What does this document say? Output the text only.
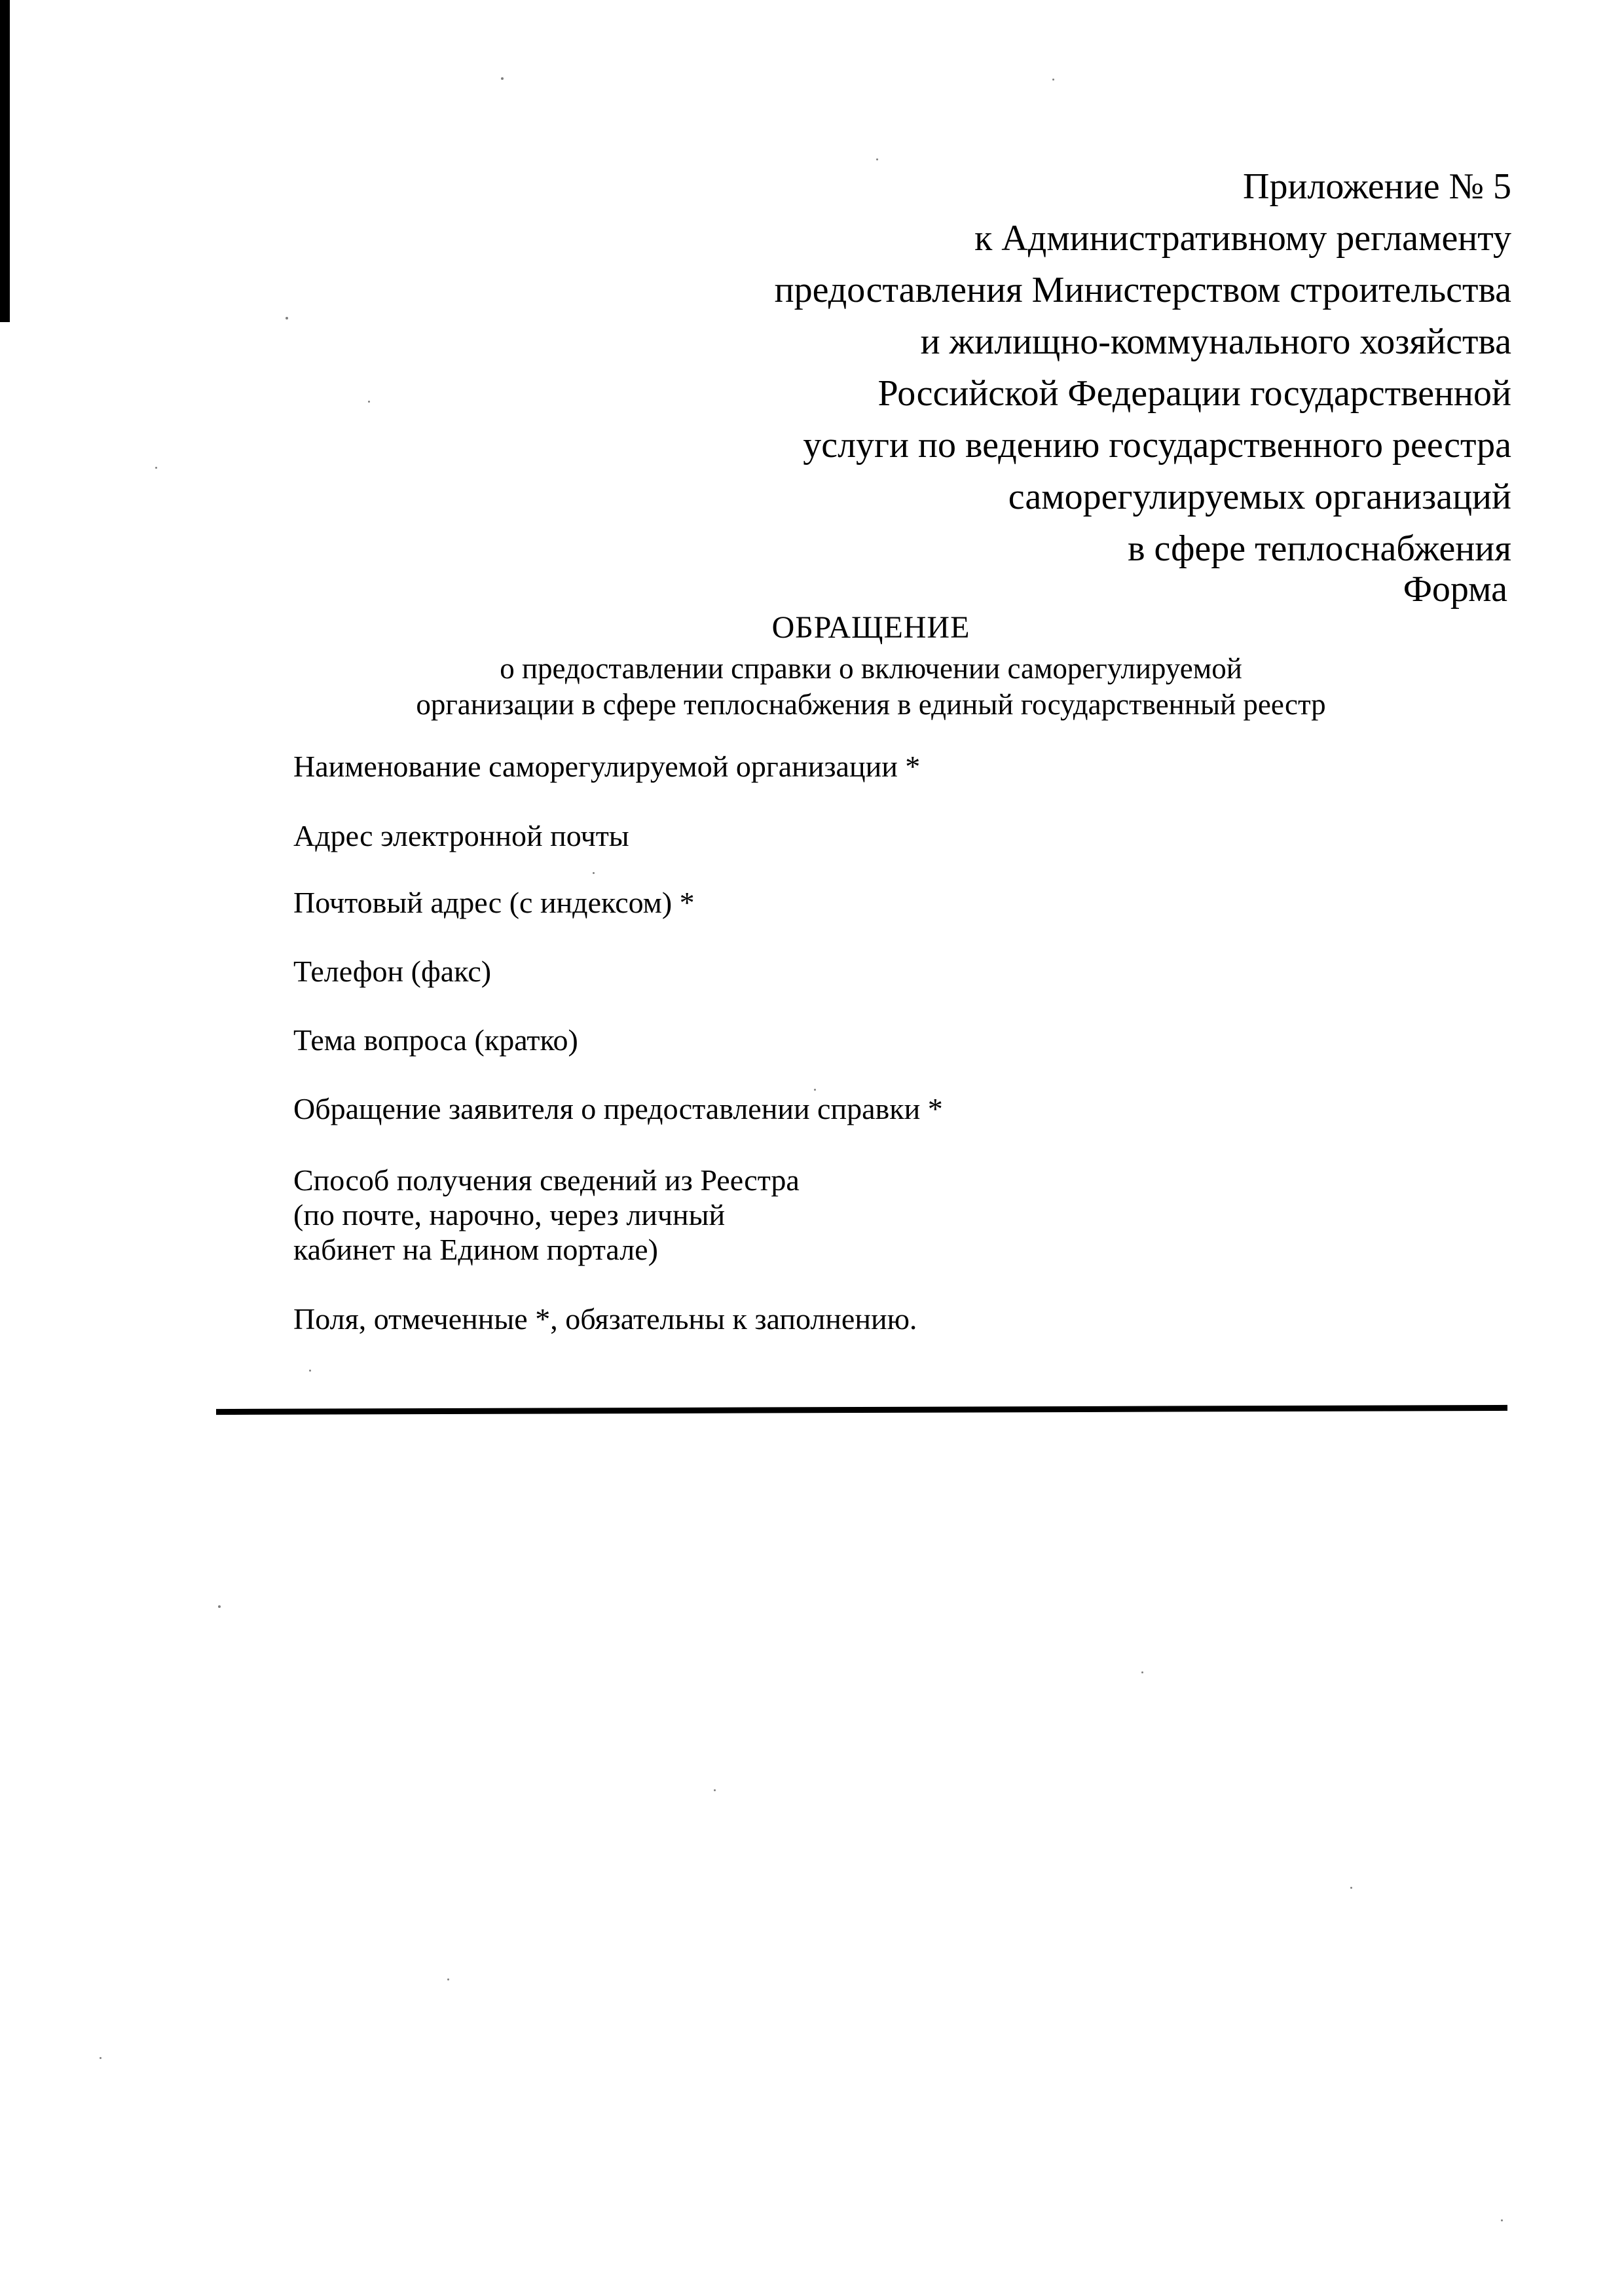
Приложение № 5
к Административному регламенту
предоставления Министерством строительства
и жилищно-коммунального хозяйства
Российской Федерации государственной
услуги по ведению государственного реестра
саморегулируемых организаций
в сфере теплоснабжения
Форма
ОБРАЩЕНИЕ
о предоставлении справки о включении саморегулируемой
организации в сфере теплоснабжения в единый государственный реестр
Наименование саморегулируемой организации *
Адрес электронной почты
Почтовый адрес (с индексом) *
Телефон (факс)
Тема вопроса (кратко)
Обращение заявителя о предоставлении справки *
Способ получения сведений из Реестра
(по почте, нарочно, через личный
кабинет на Едином портале)
Поля, отмеченные *, обязательны к заполнению.
